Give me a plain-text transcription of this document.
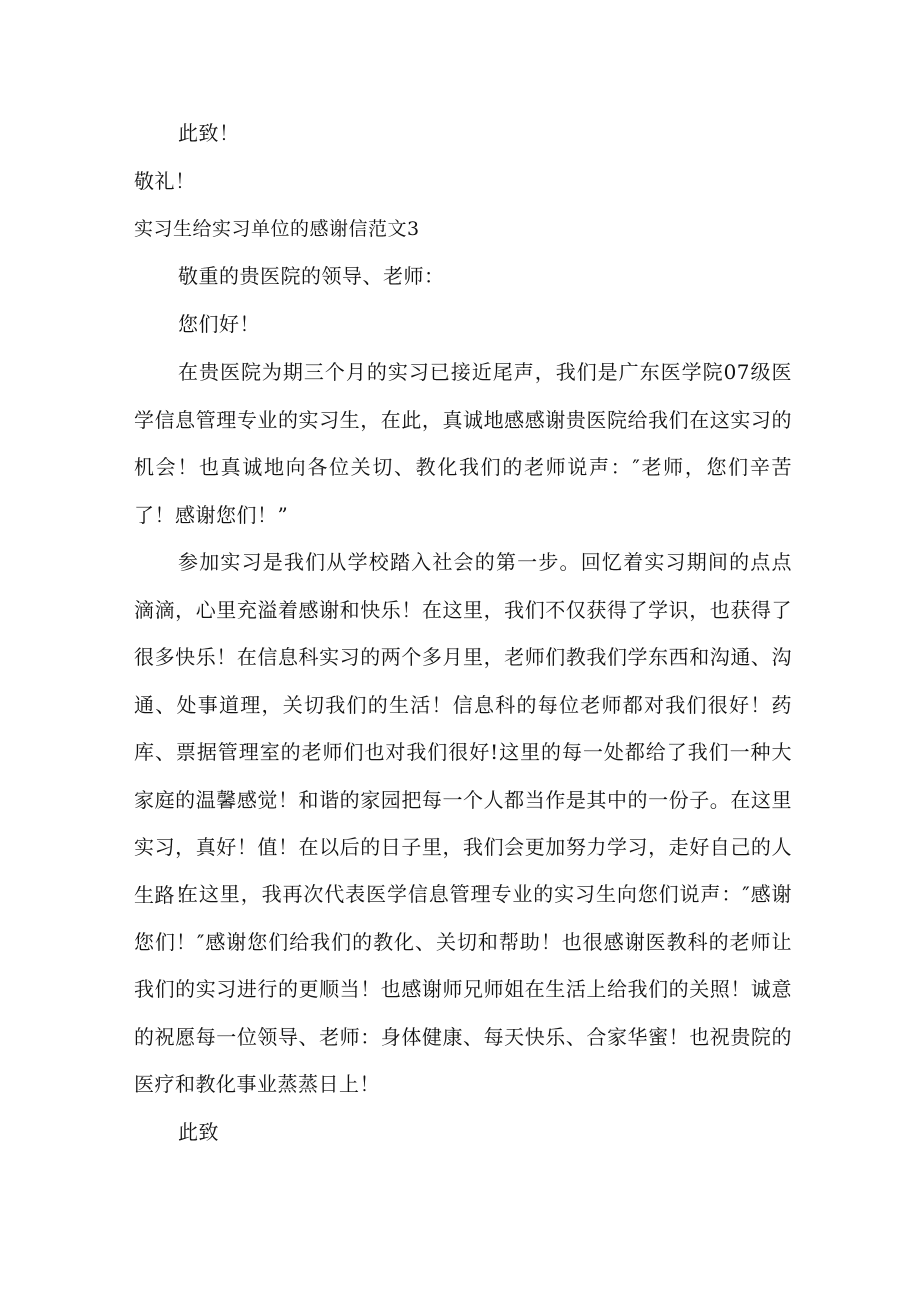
此致！
敬礼！
实习生给实习单位的感谢信范文3
敬重的贵医院的领导、老师：
您们好！
在贵医院为期三个月的实习已接近尾声，我们是广东医学院07级医学信息管理专业的实习生，在此，真诚地感感谢贵医院给我们在这实习的机会！也真诚地向各位关切、教化我们的老师说声：″老师，您们辛苦了！感谢您们！”
参加实习是我们从学校踏入社会的第一步。回忆着实习期间的点点滴滴，心里充溢着感谢和快乐！在这里，我们不仅获得了学识，也获得了很多快乐！在信息科实习的两个多月里，老师们教我们学东西和沟通、沟通、处事道理，关切我们的生活！信息科的每位老师都对我们很好！药库、票据管理室的老师们也对我们很好!这里的每一处都给了我们一种大家庭的温馨感觉！和谐的家园把每一个人都当作是其中的一份子。在这里实习，真好！值！在以后的日子里，我们会更加努力学习，走好自己的人生路！
在这里，我再次代表医学信息管理专业的实习生向您们说声：″感谢您们！″感谢您们给我们的教化、关切和帮助！也很感谢医教科的老师让我们的实习进行的更顺当！也感谢师兄师姐在生活上给我们的关照！诚意的祝愿每一位领导、老师：身体健康、每天快乐、合家华蜜！也祝贵院的医疗和教化事业蒸蒸日上！
此致
